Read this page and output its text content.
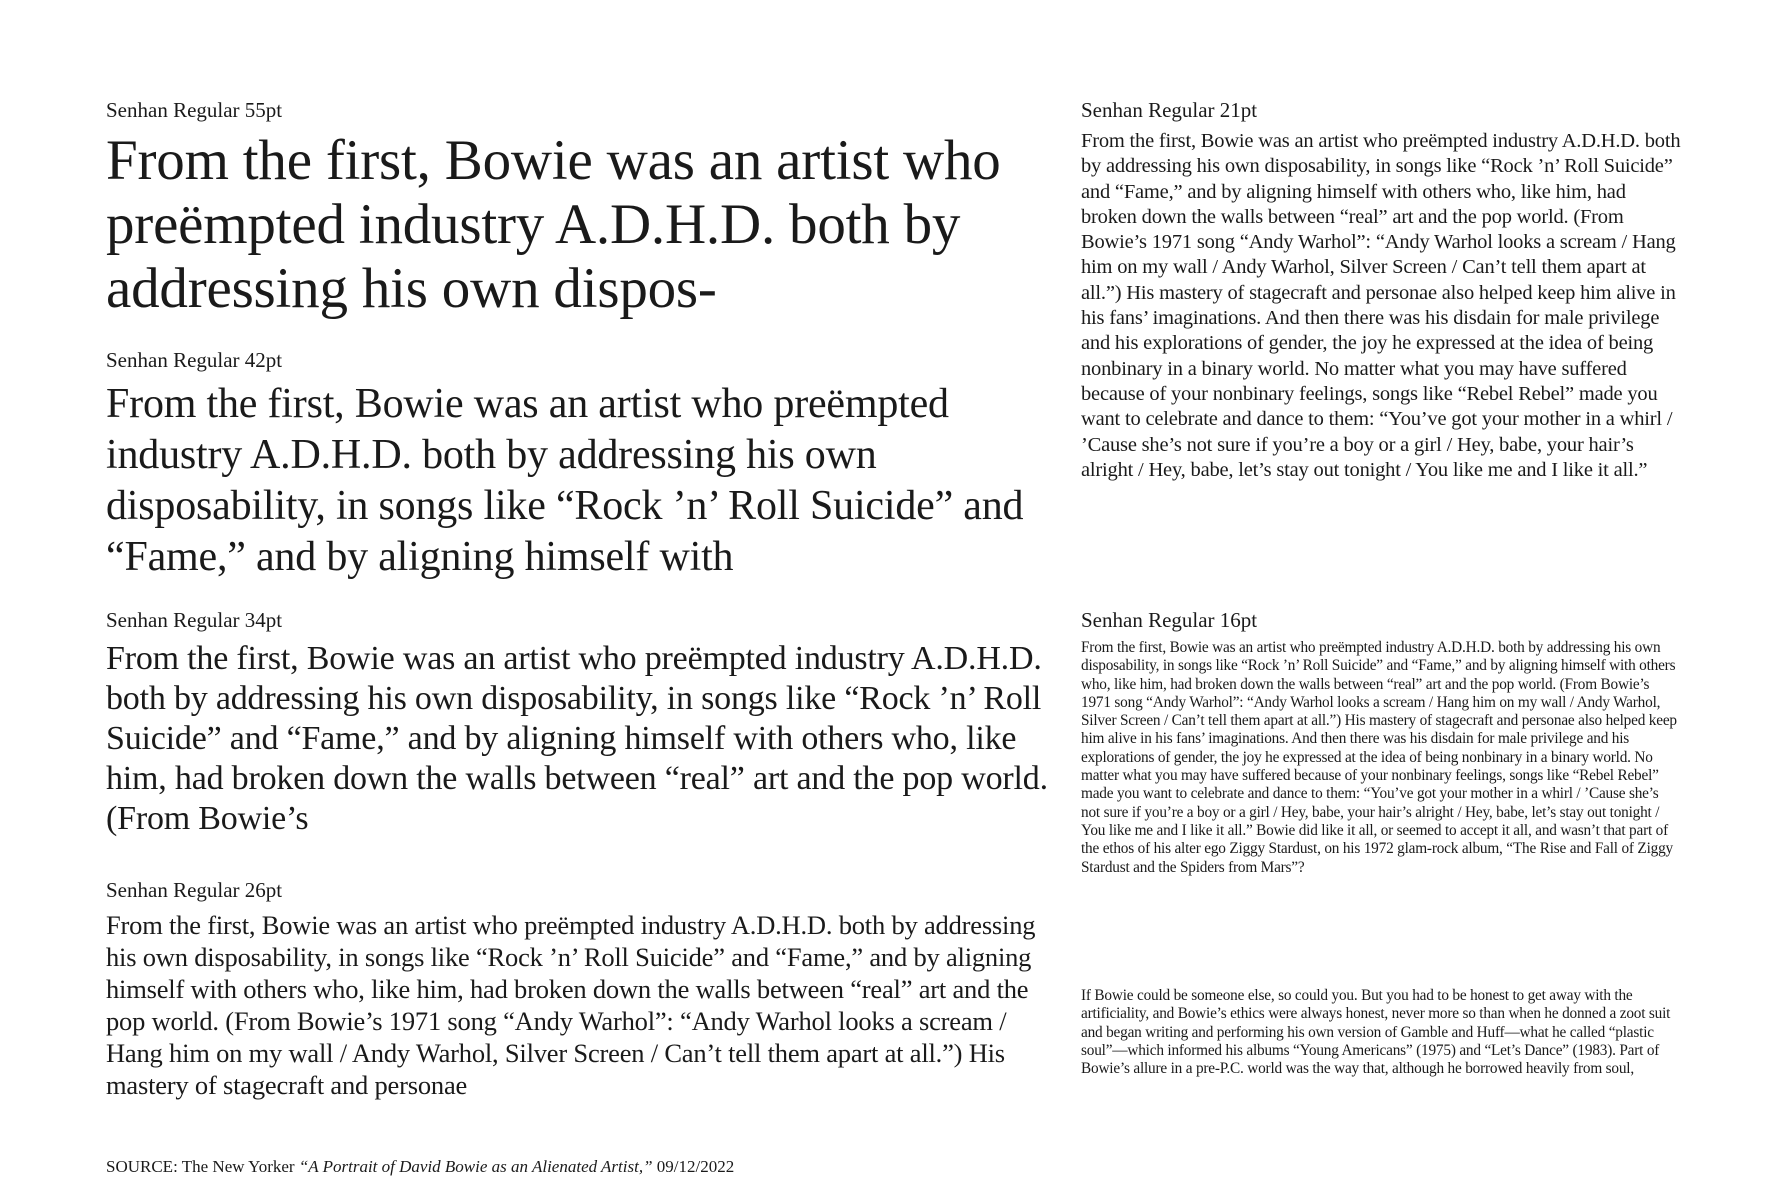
Senhan Regular 55pt

From the first, Bowie was an artist who preëmpted industry A.D.H.D. both by addressing his own dispos-

Senhan Regular 42pt

From the first, Bowie was an artist who preëmpted industry A.D.H.D. both by addressing his own disposability, in songs like “Rock ’n’ Roll Suicide” and “Fame,” and by aligning himself with

Senhan Regular 34pt

From the first, Bowie was an artist who preëmpted industry A.D.H.D. both by addressing his own disposability, in songs like “Rock ’n’ Roll Suicide” and “Fame,” and by aligning himself with others who, like him, had broken down the walls between “real” art and the pop world. (From Bowie’s

Senhan Regular 26pt

From the first, Bowie was an artist who preëmpted industry A.D.H.D. both by addressing his own disposability, in songs like “Rock ’n’ Roll Suicide” and “Fame,” and by aligning himself with others who, like him, had broken down the walls between “real” art and the pop world. (From Bowie’s 1971 song “Andy Warhol”: “Andy Warhol looks a scream / Hang him on my wall / Andy Warhol, Silver Screen / Can’t tell them apart at all.”) His mastery of stagecraft and personae

Senhan Regular 21pt

From the first, Bowie was an artist who preëmpted industry A.D.H.D. both by addressing his own disposability, in songs like “Rock ’n’ Roll Suicide” and “Fame,” and by aligning himself with others who, like him, had broken down the walls between “real” art and the pop world. (From Bowie’s 1971 song “Andy Warhol”: “Andy Warhol looks a scream / Hang him on my wall / Andy Warhol, Silver Screen / Can’t tell them apart at all.”) His mastery of stagecraft and personae also helped keep him alive in his fans’ imaginations. And then there was his disdain for male privilege and his explorations of gender, the joy he expressed at the idea of being nonbinary in a binary world. No matter what you may have suffered because of your nonbinary feelings, songs like “Rebel Rebel” made you want to celebrate and dance to them: “You’ve got your mother in a whirl / ’Cause she’s not sure if you’re a boy or a girl / Hey, babe, your hair’s alright / Hey, babe, let’s stay out tonight / You like me and I like it all.”

Senhan Regular 16pt

From the first, Bowie was an artist who preëmpted industry A.D.H.D. both by addressing his own disposability, in songs like “Rock ’n’ Roll Suicide” and “Fame,” and by aligning himself with others who, like him, had broken down the walls between “real” art and the pop world. (From Bowie’s 1971 song “Andy Warhol”: “Andy Warhol looks a scream / Hang him on my wall / Andy Warhol, Silver Screen / Can’t tell them apart at all.”) His mastery of stagecraft and personae also helped keep him alive in his fans’ imaginations. And then there was his disdain for male privilege and his explorations of gender, the joy he expressed at the idea of being nonbinary in a binary world. No matter what you may have suffered because of your nonbinary feelings, songs like “Rebel Rebel” made you want to celebrate and dance to them: “You’ve got your mother in a whirl / ’Cause she’s not sure if you’re a boy or a girl / Hey, babe, your hair’s alright / Hey, babe, let’s stay out tonight / You like me and I like it all.” Bowie did like it all, or seemed to accept it all, and wasn’t that part of the ethos of his alter ego Ziggy Stardust, on his 1972 glam-rock album, “The Rise and Fall of Ziggy Stardust and the Spiders from Mars”?

If Bowie could be someone else, so could you. But you had to be honest to get away with the artificiality, and Bowie’s ethics were always honest, never more so than when he donned a zoot suit and began writing and performing his own version of Gamble and Huff—what he called “plastic soul”—which informed his albums “Young Americans” (1975) and “Let’s Dance” (1983). Part of Bowie’s allure in a pre-P.C. world was the way that, although he borrowed heavily from soul,

SOURCE: The New Yorker “A Portrait of David Bowie as an Alienated Artist,” 09/12/2022
